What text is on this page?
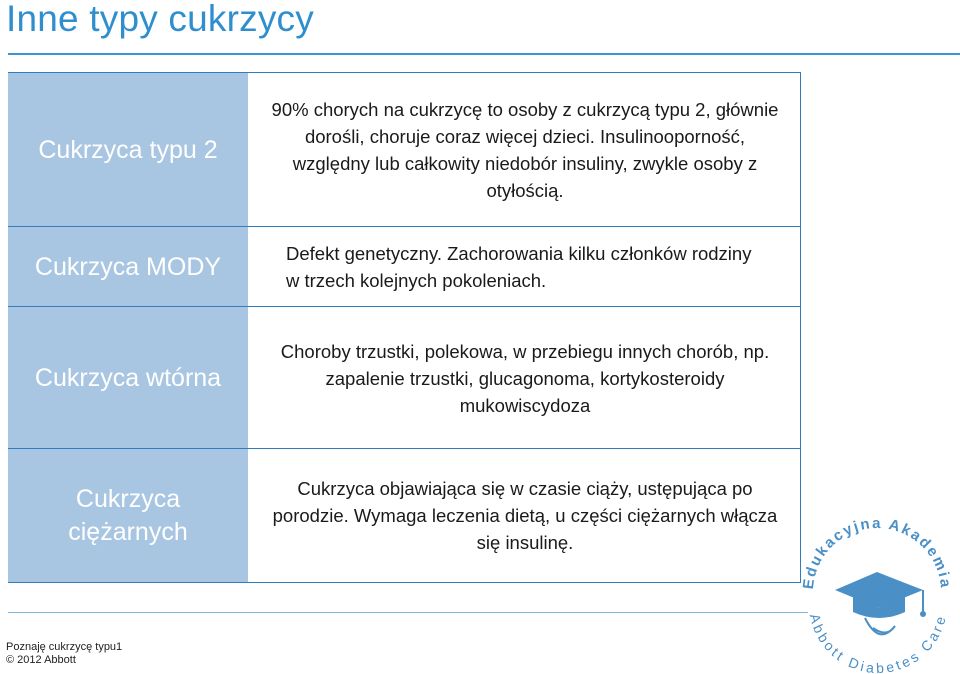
Inne typy cukrzycy
Cukrzyca typu 2
90% chorych na cukrzycę to osoby z cukrzycą typu 2, głównie dorośli, choruje coraz więcej dzieci. Insulinooporność, względny lub całkowity niedobór insuliny, zwykle osoby z otyłością.
Cukrzyca MODY	Defekt genetyczny. Zachorowania kilku członków rodziny w trzech kolejnych pokoleniach.
Cukrzyca wtórna
Choroby trzustki, polekowa, w przebiegu innych chorób, np. zapalenie trzustki, glucagonoma, kortykosteroidy mukowiscydoza
Cukrzyca ciężarnych
Cukrzyca objawiająca się w czasie ciąży, ustępująca po porodzie. Wymaga leczenia dietą, u części ciężarnych włącza się insulinę.
Poznaję cukrzycę typu1
© 2012 Abbott
Edukacyjna Akademia
Abbott Diabetes Care
